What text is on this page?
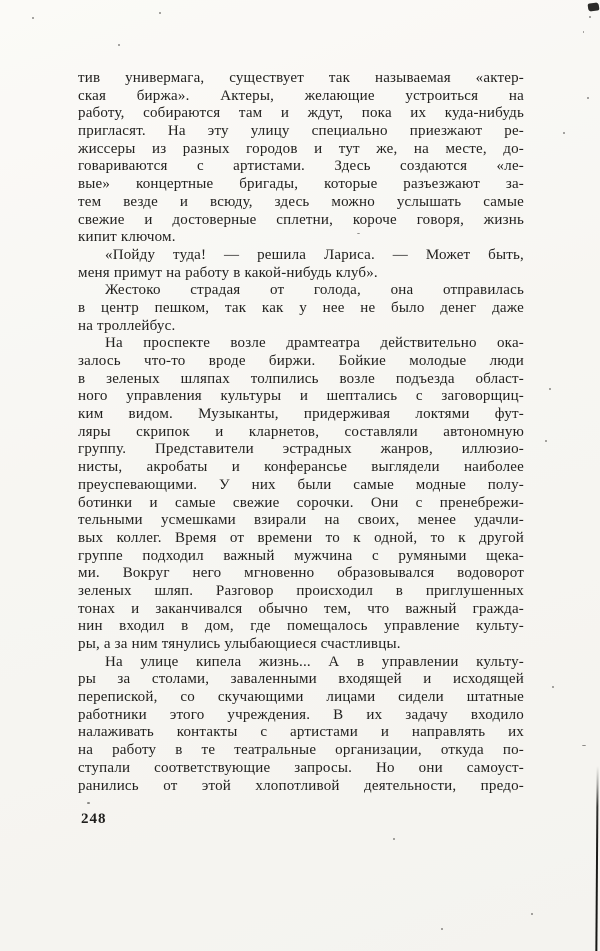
тив универмага, существует так называемая «актер-
ская биржа». Актеры, желающие устроиться на
работу, собираются там и ждут, пока их куда-нибудь
пригласят. На эту улицу специально приезжают ре-
жиссеры из разных городов и тут же, на месте, до-
говариваются с артистами. Здесь создаются «ле-
вые» концертные бригады, которые разъезжают за-
тем везде и всюду, здесь можно услышать самые
свежие и достоверные сплетни, короче говоря, жизнь
кипит ключом.
«Пойду туда! — решила Лариса. — Может быть,
меня примут на работу в какой-нибудь клуб».
Жестоко страдая от голода, она отправилась
в центр пешком, так как у нее не было денег даже
на троллейбус.
На проспекте возле драмтеатра действительно ока-
залось что-то вроде биржи. Бойкие молодые люди
в зеленых шляпах толпились возле подъезда област-
ного управления культуры и шептались с заговорщиц-
ким видом. Музыканты, придерживая локтями фут-
ляры скрипок и кларнетов, составляли автономную
группу. Представители эстрадных жанров, иллюзио-
нисты, акробаты и конферансье выглядели наиболее
преуспевающими. У них были самые модные полу-
ботинки и самые свежие сорочки. Они с пренебрежи-
тельными усмешками взирали на своих, менее удачли-
вых коллег. Время от времени то к одной, то к другой
группе подходил важный мужчина с румяными щека-
ми. Вокруг него мгновенно образовывался водоворот
зеленых шляп. Разговор происходил в приглушенных
тонах и заканчивался обычно тем, что важный гражда-
нин входил в дом, где помещалось управление культу-
ры, а за ним тянулись улыбающиеся счастливцы.
На улице кипела жизнь... А в управлении культу-
ры за столами, заваленными входящей и исходящей
перепиской, со скучающими лицами сидели штатные
работники этого учреждения. В их задачу входило
налаживать контакты с артистами и направлять их
на работу в те театральные организации, откуда по-
ступали соответствующие запросы. Но они самоуст-
ранились от этой хлопотливой деятельности, предо-
248
